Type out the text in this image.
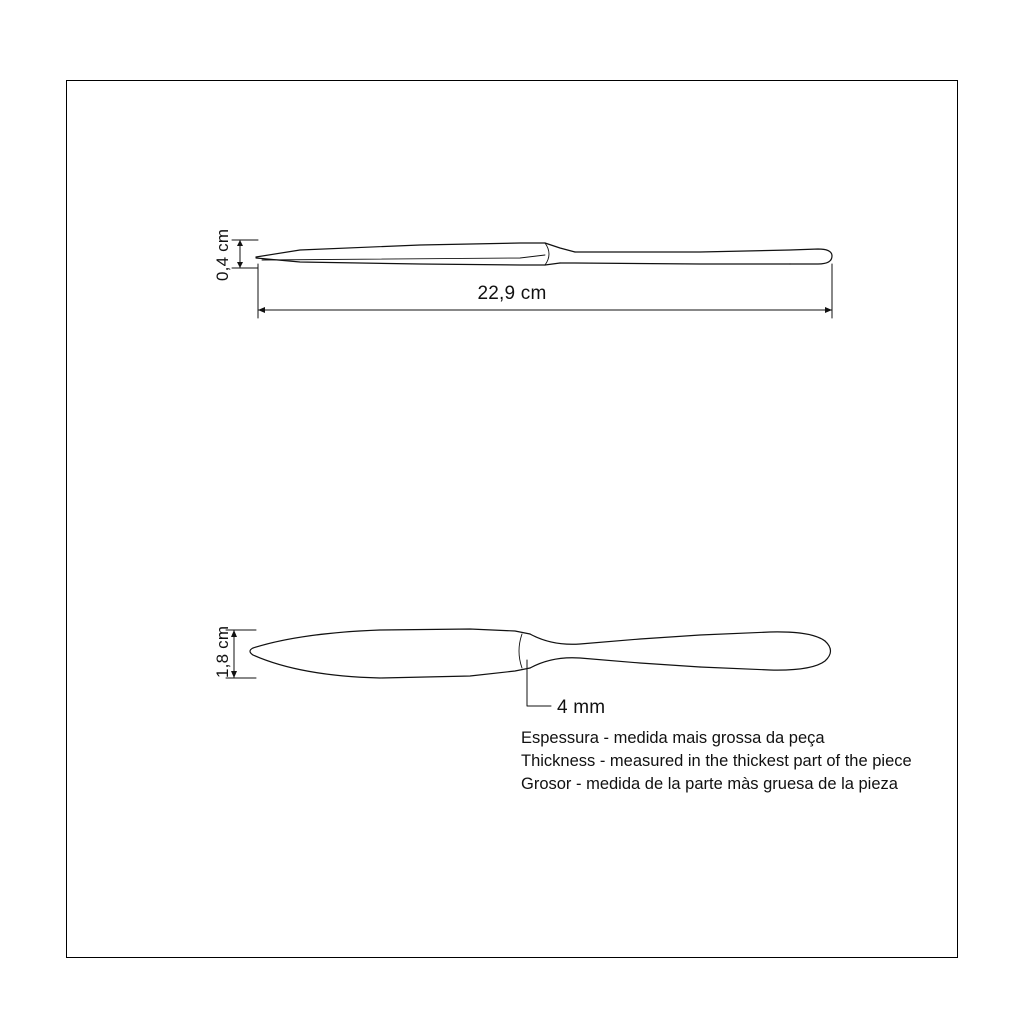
22,9 cm
0,4 cm
1,8 cm
4 mm
Espessura - medida mais grossa da peça
Thickness - measured in the thickest part of the piece
Grosor - medida de la parte màs gruesa de la pieza
